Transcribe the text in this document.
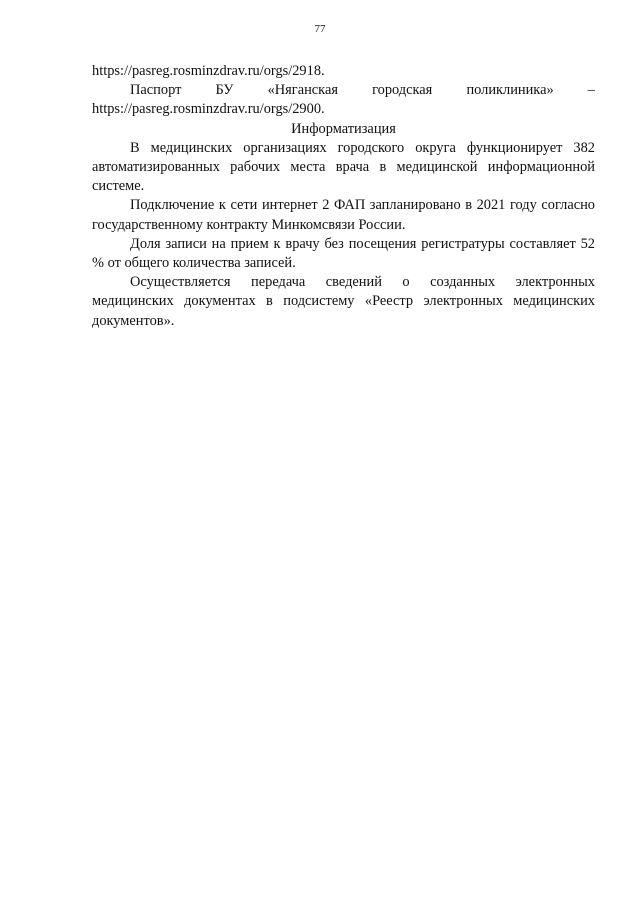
77

https://pasreg.rosminzdrav.ru/orgs/2918.

Паспорт БУ «Няганская городская поликлиника» –

https://pasreg.rosminzdrav.ru/orgs/2900.

Информатизация

В медицинских организациях городского округа функционирует 382 автоматизированных рабочих места врача в медицинской информационной системе.

Подключение к сети интернет 2 ФАП запланировано в 2021 году согласно государственному контракту Минкомсвязи России.

Доля записи на прием к врачу без посещения регистратуры составляет 52 % от общего количества записей.

Осуществляется передача сведений о созданных электронных медицинских документах в подсистему «Реестр электронных медицинских документов».
